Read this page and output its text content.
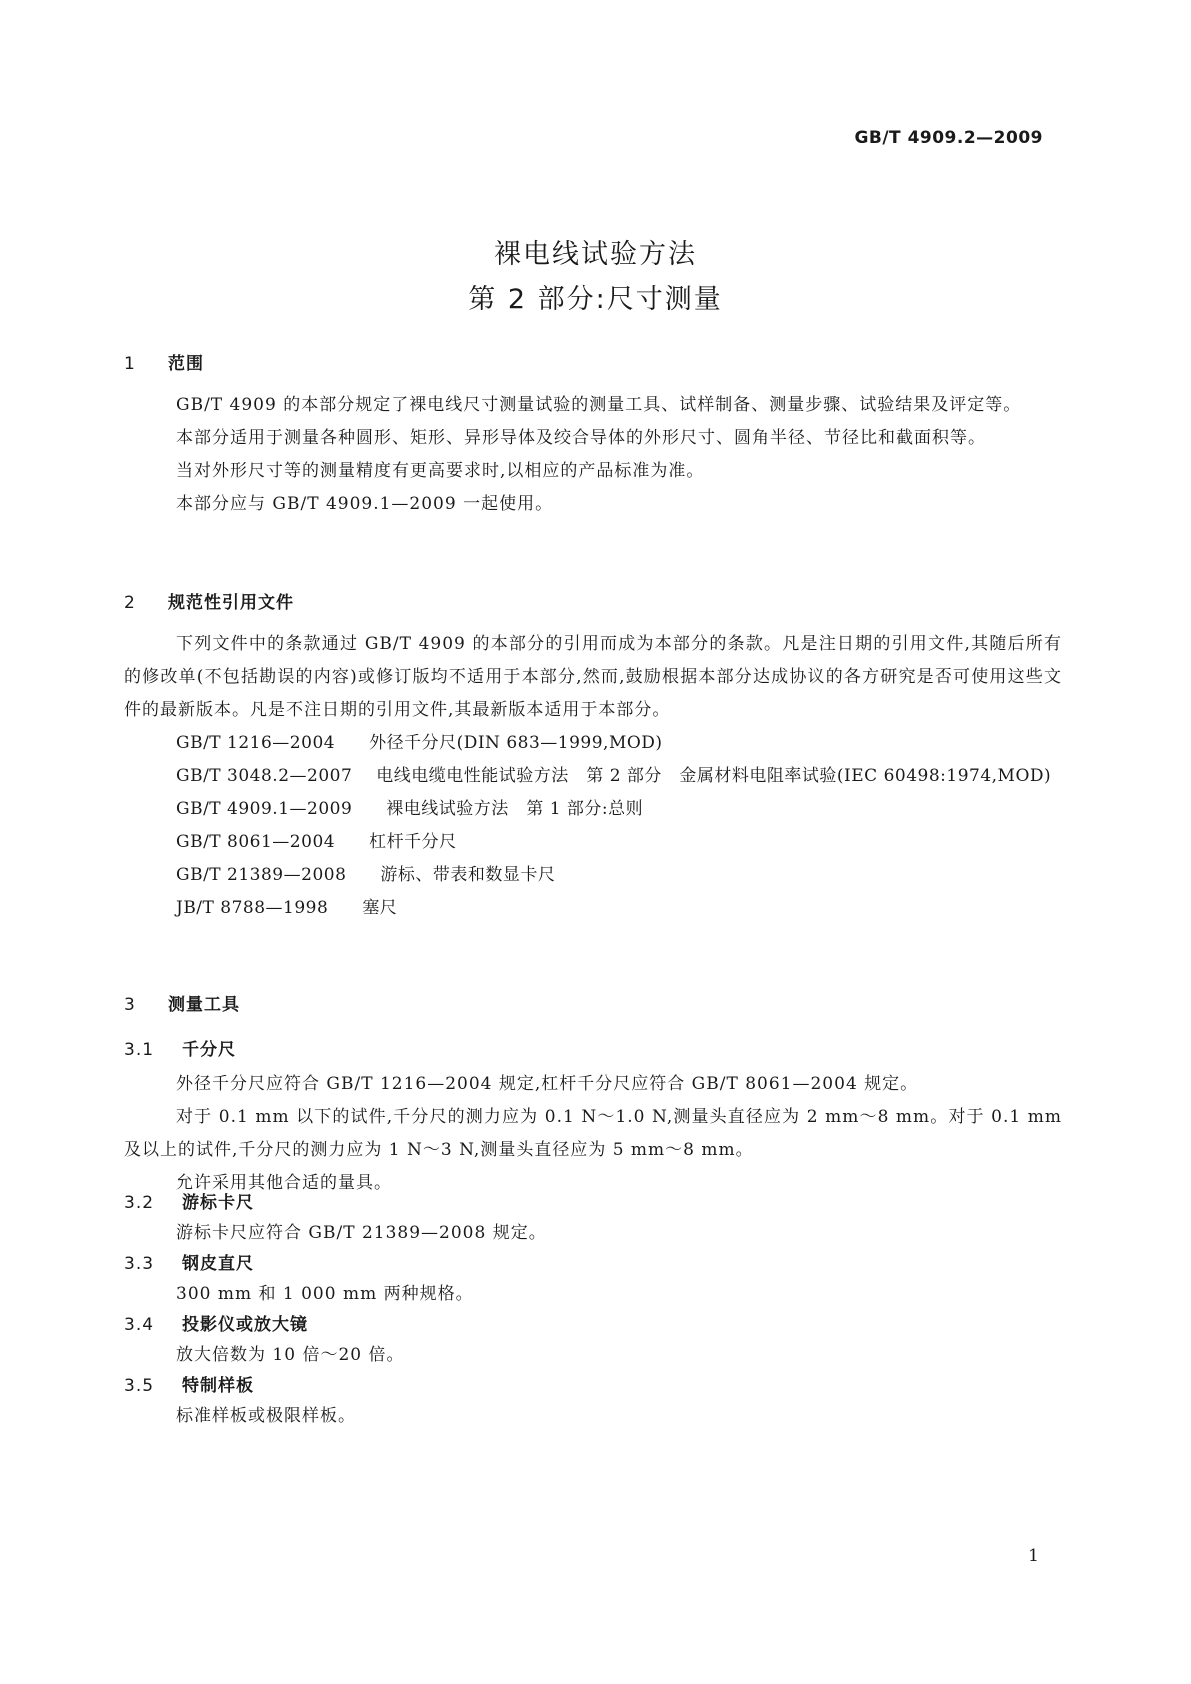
GB/T 4909.2—2009
裸电线试验方法
第 2 部分:尺寸测量
1 范围
GB/T 4909 的本部分规定了裸电线尺寸测量试验的测量工具、试样制备、测量步骤、试验结果及评定等。
本部分适用于测量各种圆形、矩形、异形导体及绞合导体的外形尺寸、圆角半径、节径比和截面积等。
当对外形尺寸等的测量精度有更高要求时,以相应的产品标准为准。
本部分应与 GB/T 4909.1—2009 一起使用。
2 规范性引用文件
下列文件中的条款通过 GB/T 4909 的本部分的引用而成为本部分的条款。凡是注日期的引用文件,其随后所有的修改单(不包括勘误的内容)或修订版均不适用于本部分,然而,鼓励根据本部分达成协议的各方研究是否可使用这些文件的最新版本。凡是不注日期的引用文件,其最新版本适用于本部分。
GB/T 1216—2004 外径千分尺(DIN 683—1999,MOD)
GB/T 3048.2—2007 电线电缆电性能试验方法　第 2 部分　金属材料电阻率试验(IEC 60498:1974,MOD)
GB/T 4909.1—2009 裸电线试验方法　第 1 部分:总则
GB/T 8061—2004 杠杆千分尺
GB/T 21389—2008 游标、带表和数显卡尺
JB/T 8788—1998 塞尺
3 测量工具
3.1 千分尺
外径千分尺应符合 GB/T 1216—2004 规定,杠杆千分尺应符合 GB/T 8061—2004 规定。
对于 0.1 mm 以下的试件,千分尺的测力应为 0.1 N～1.0 N,测量头直径应为 2 mm～8 mm。对于 0.1 mm 及以上的试件,千分尺的测力应为 1 N～3 N,测量头直径应为 5 mm～8 mm。
允许采用其他合适的量具。
3.2 游标卡尺
游标卡尺应符合 GB/T 21389—2008 规定。
3.3 钢皮直尺
300 mm 和 1 000 mm 两种规格。
3.4 投影仪或放大镜
放大倍数为 10 倍～20 倍。
3.5 特制样板
标准样板或极限样板。
1
